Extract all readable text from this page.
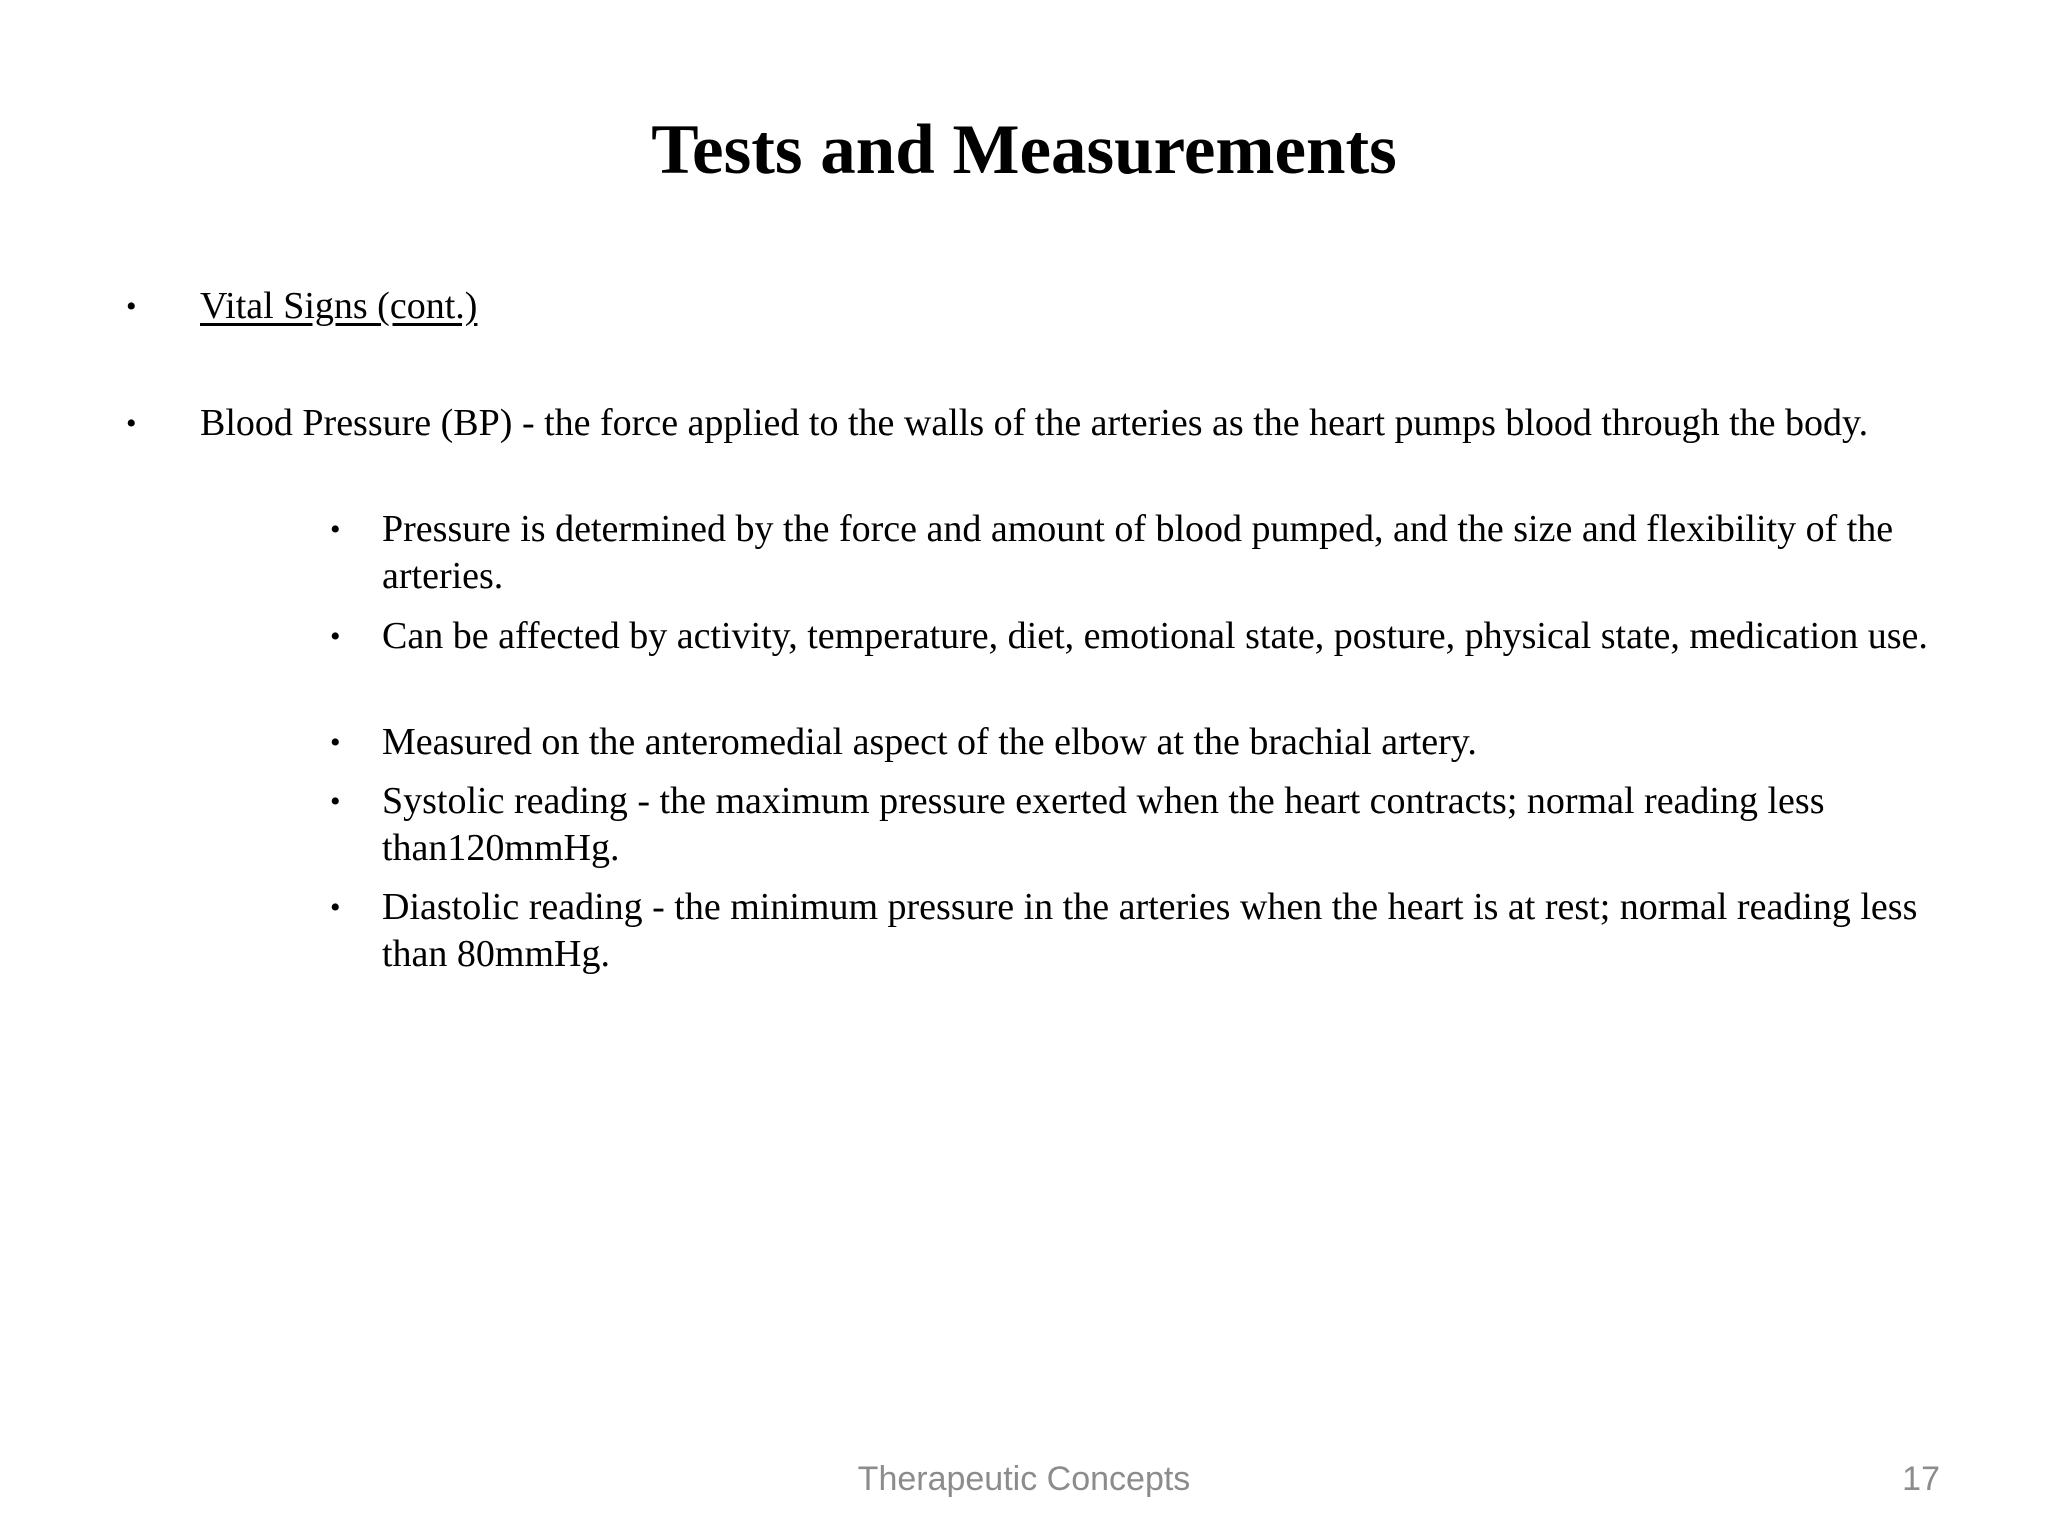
Tests and Measurements
• Vital Signs (cont.)
• Blood Pressure (BP) - the force applied to the walls of the arteries as the heart pumps blood through the body.
• Pressure is determined by the force and amount of blood pumped, and the size and flexibility of the arteries.
• Can be affected by activity, temperature, diet, emotional state, posture, physical state, medication use.
• Measured on the anteromedial aspect of the elbow at the brachial artery.
• Systolic reading - the maximum pressure exerted when the heart contracts; normal reading less than120mmHg.
• Diastolic reading - the minimum pressure in the arteries when the heart is at rest; normal reading less than 80mmHg.
Therapeutic Concepts	17
